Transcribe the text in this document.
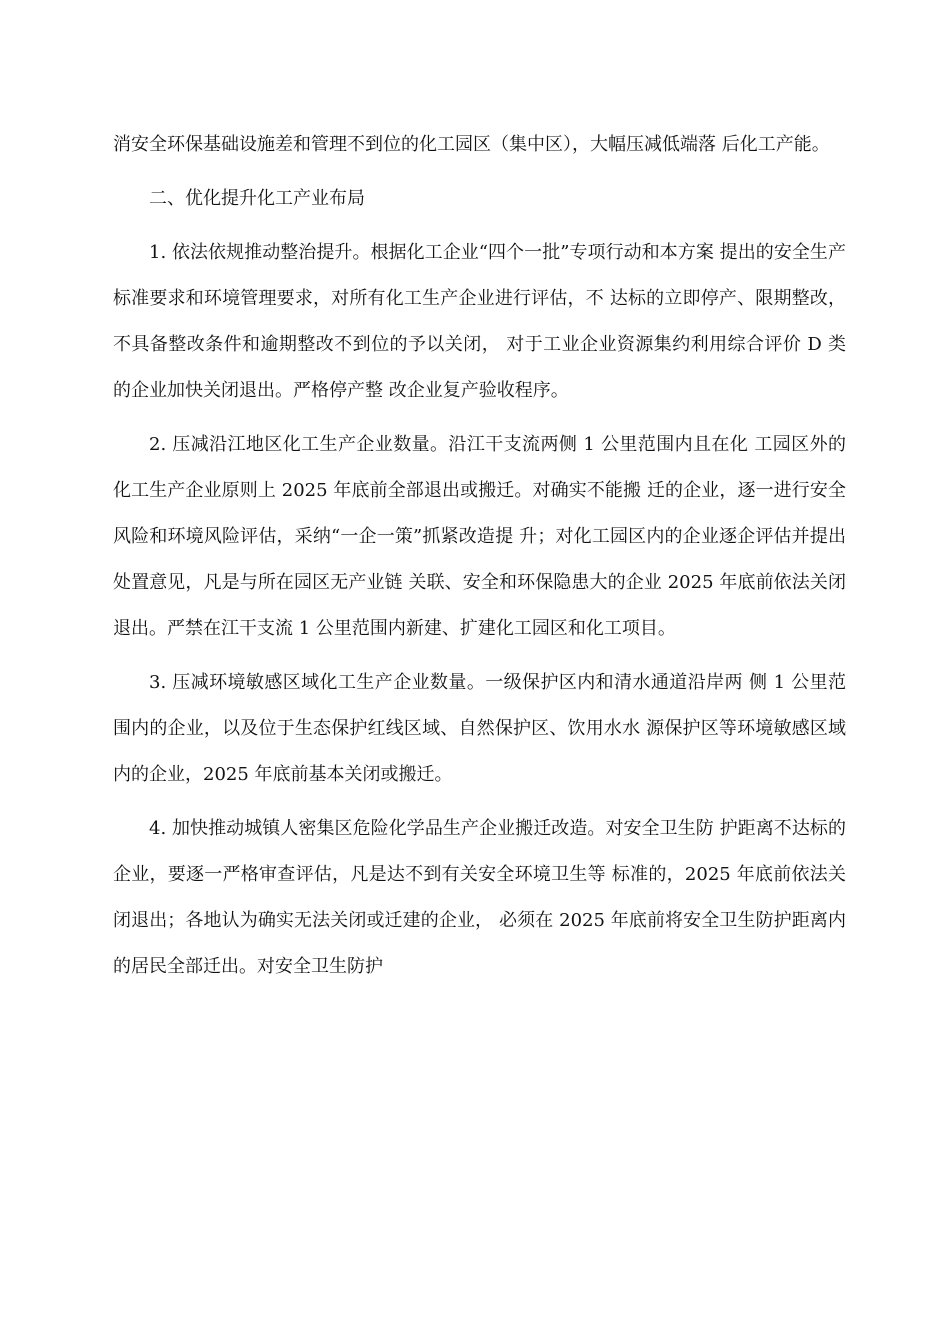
消安全环保基础设施差和管理不到位的化工园区（集中区），大幅压减低端落 后化工产能。

二、优化提升化工产业布局

1. 依法依规推动整治提升。根据化工企业“四个一批”专项行动和本方案 提出的安全生产标准要求和环境管理要求，对所有化工生产企业进行评估，不 达标的立即停产、限期整改，不具备整改条件和逾期整改不到位的予以关闭， 对于工业企业资源集约利用综合评价 D 类的企业加快关闭退出。严格停产整 改企业复产验收程序。

2. 压减沿江地区化工生产企业数量。沿江干支流两侧 1 公里范围内且在化 工园区外的化工生产企业原则上 2025 年底前全部退出或搬迁。对确实不能搬 迁的企业，逐一进行安全风险和环境风险评估，采纳“一企一策”抓紧改造提 升；对化工园区内的企业逐企评估并提出处置意见，凡是与所在园区无产业链 关联、安全和环保隐患大的企业 2025 年底前依法关闭退出。严禁在江干支流 1 公里范围内新建、扩建化工园区和化工项目。

3. 压减环境敏感区域化工生产企业数量。一级保护区内和清水通道沿岸两 侧 1 公里范围内的企业，以及位于生态保护红线区域、自然保护区、饮用水水 源保护区等环境敏感区域内的企业，2025 年底前基本关闭或搬迁。

4. 加快推动城镇人密集区危险化学品生产企业搬迁改造。对安全卫生防 护距离不达标的企业，要逐一严格审查评估，凡是达不到有关安全环境卫生等 标准的，2025 年底前依法关闭退出；各地认为确实无法关闭或迁建的企业， 必须在 2025 年底前将安全卫生防护距离内的居民全部迁出。对安全卫生防护
